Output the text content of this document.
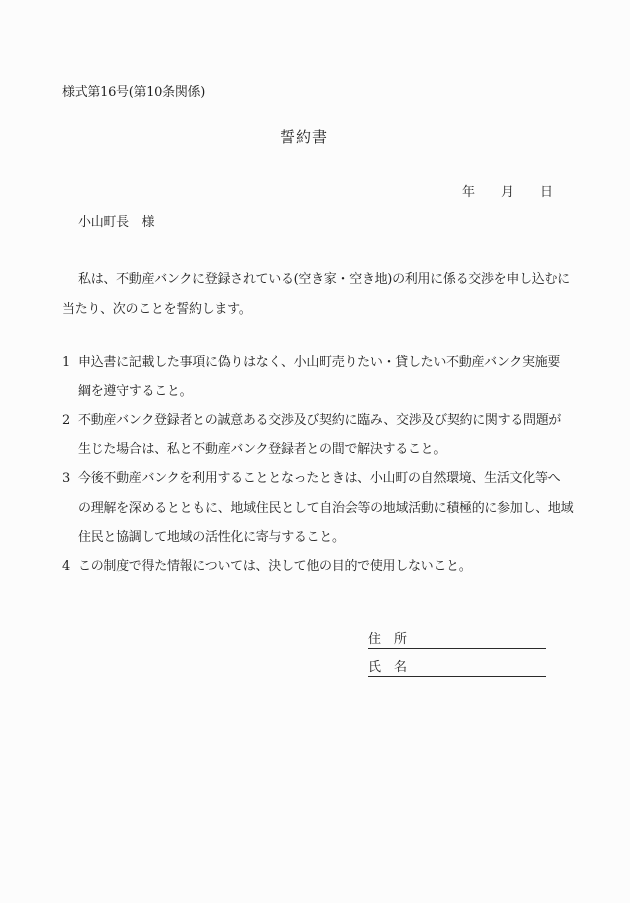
様式第16号(第10条関係)
誓約書
年　　月　　日
小山町長　様
私は、不動産バンクに登録されている(空き家・空き地)の利用に係る交渉を申し込むに
当たり、次のことを誓約します。
1 申込書に記載した事項に偽りはなく、小山町売りたい・貸したい不動産バンク実施要
綱を遵守すること。
2 不動産バンク登録者との誠意ある交渉及び契約に臨み、交渉及び契約に関する問題が
生じた場合は、私と不動産バンク登録者との間で解決すること。
3 今後不動産バンクを利用することとなったときは、小山町の自然環境、生活文化等へ
の理解を深めるとともに、地域住民として自治会等の地域活動に積極的に参加し、地域
住民と協調して地域の活性化に寄与すること。
4 この制度で得た情報については、決して他の目的で使用しないこと。
住　所
氏　名
